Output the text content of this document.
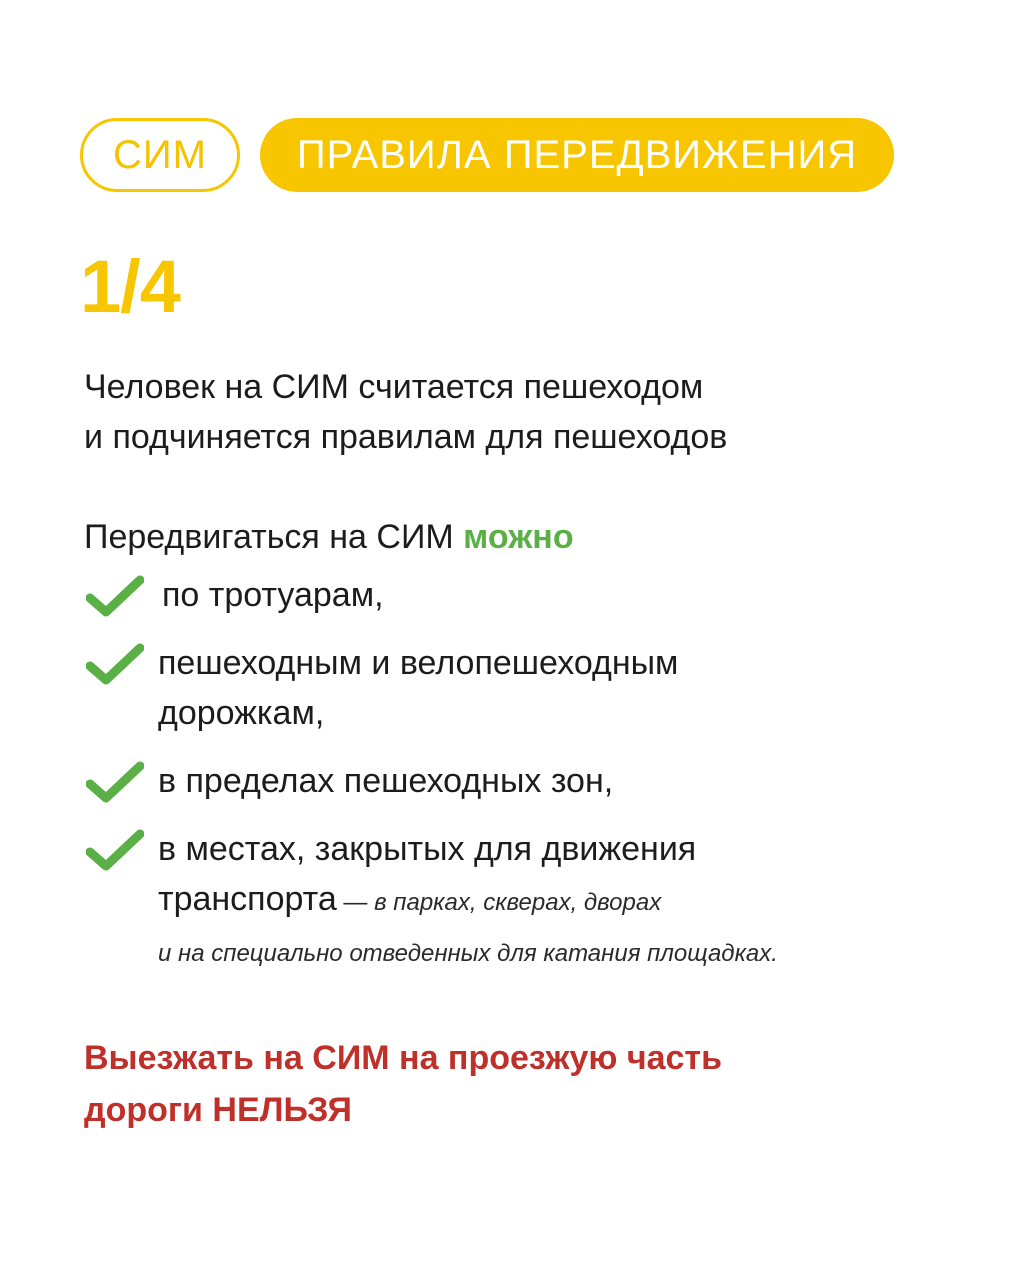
СИМ	ПРАВИЛА ПЕРЕДВИЖЕНИЯ
1/4

Человек на СИМ считается пешеходом
и подчиняется правилам для пешеходов

Передвигаться на СИМ можно
по тротуарам,
пешеходным и велопешеходным
дорожкам,
в пределах пешеходных зон,
в местах, закрытых для движения
транспорта — в парках, скверах, дворах
и на специально отведенных для катания площадках.
Выезжать на СИМ на проезжую часть
дороги НЕЛЬЗЯ
